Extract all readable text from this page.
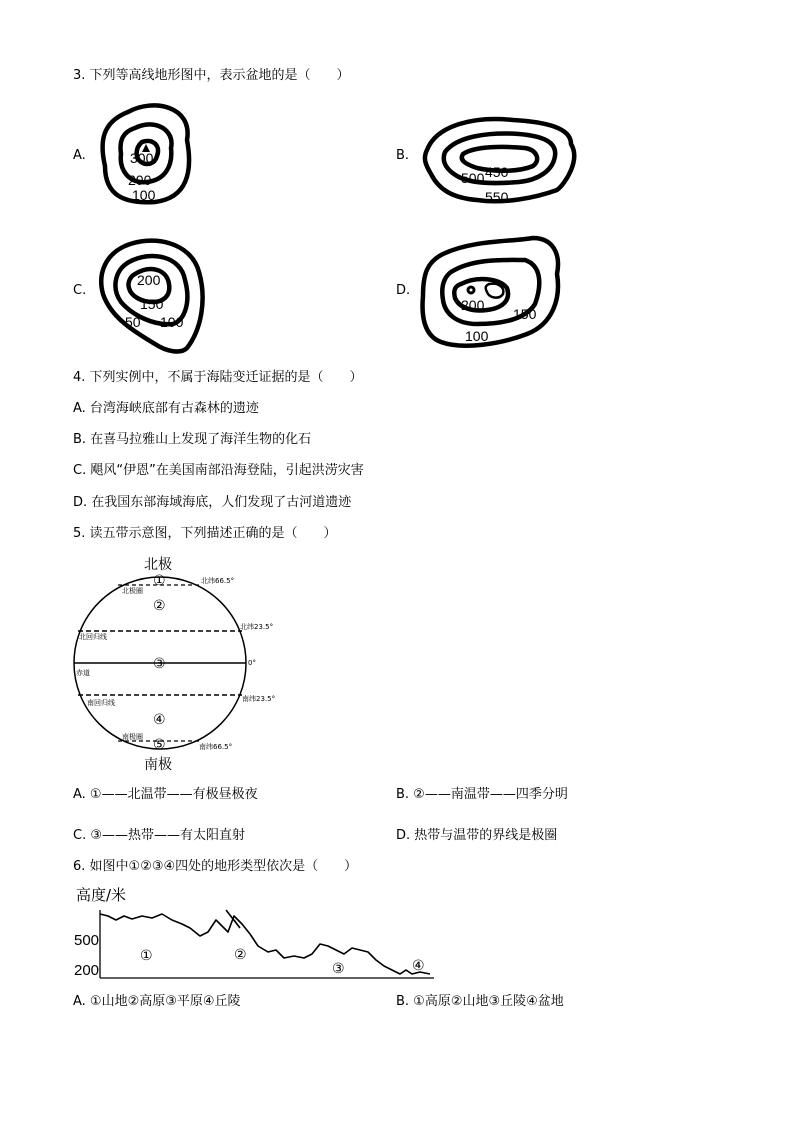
3. 下列等高线地形图中，表示盆地的是（　　）
A.	300
200
100
B.
450
500
550
C.
200
150
50 100
D.
200
150
100
4. 下列实例中，不属于海陆变迁证据的是（　　）
A. 台湾海峡底部有古森林的遗迹
B. 在喜马拉雅山上发现了海洋生物的化石
C. 飓风“伊恩”在美国南部沿海登陆，引起洪涝灾害
D. 在我国东部海域海底，人们发现了古河道遗迹
5. 读五带示意图，下列描述正确的是（　　）
北极
北极圈
北回归线
赤道
南回归线
南极圈
北纬66.5°
北纬23.5°
0°
南纬23.5°
南纬66.5°
①
②
③
④
⑤
南极
A. ①——北温带——有极昼极夜	B. ②——南温带——四季分明
C. ③——热带——有太阳直射	D. 热带与温带的界线是极圈
6. 如图中①②③④四处的地形类型依次是（　　）
高度/米
500
200
①	②
③	④
A. ①山地②高原③平原④丘陵	B. ①高原②山地③丘陵④盆地
